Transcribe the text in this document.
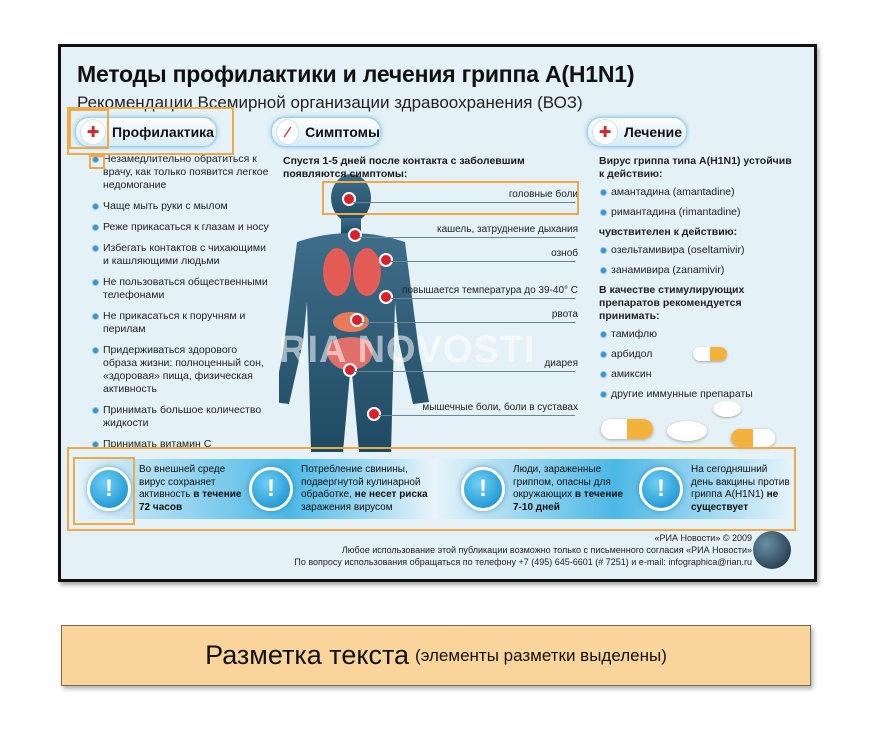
Методы профилактики и лечения гриппа А(H1N1)
Рекомендации Всемирной организации здравоохранения (ВОЗ)
✚ Профилактика	⁄	Симптомы	✚ Лечение
Незамедлительно обратиться к врачу, как только появится легкое недомогание
Чаще мыть руки с мылом
Реже прикасаться к глазам и носу
Избегать контактов с чихающими и кашляющими людьми
Не пользоваться общественными телефонами
Не прикасаться к поручням и перилам
Придерживаться здорового образа жизни: полноценный сон, «здоровая» пища, физическая активность
Принимать большое количество жидкости
Принимать витамин С
Спустя 1-5 дней после контакта с заболевшим появляются симптомы:
головные боли
кашель, затруднение дыхания
озноб
повышается температура до 39-40° С
рвота
диарея
мышечные боли, боли в суставах
RIA NOVOSTI
Вирус гриппа типа А(H1N1) устойчив к действию:
амантадина (amantadine)
римантадина (rimantadine)
чувствителен к действию:
озельтамивира (oseltamivir)
занамивира (zanamivir)
В качестве стимулирующих препаратов рекомендуется принимать:
тамифлю
арбидол
амиксин
другие иммунные препараты
!
Во внешней среде вирус сохраняет активность в течение 72 часов
!
Потребление свинины, подвергнутой кулинарной обработке, не несет риска заражения вирусом
!
Люди, зараженные гриппом, опасны для окружающих в течение 7-10 дней
!
На сегодняшний день вакцины против гриппа А(H1N1) не существует
«РИА Новости» © 2009
Любое использование этой публикации возможно только с письменного согласия «РИА Новости»
По вопросу использования обращаться по телефону +7 (495) 645-6601 (# 7251) и e-mail: infographica@rian.ru
Разметка текста (элементы разметки выделены)
